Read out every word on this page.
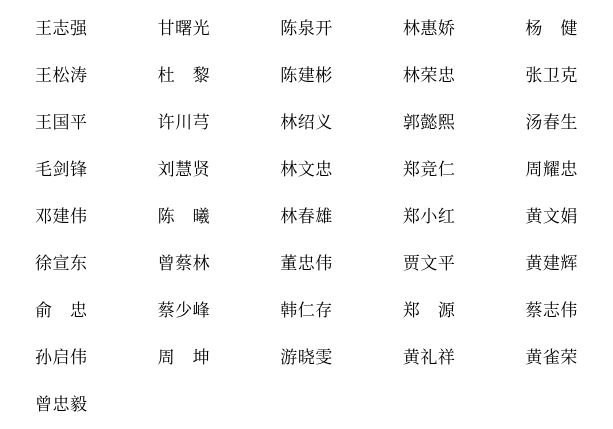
王志强	甘曙光	陈泉开	林惠娇	杨　健
王松涛	杜　黎	陈建彬	林荣忠	张卫克
王国平	许川芎	林绍义	郭懿熙	汤春生
毛剑锋	刘慧贤	林文忠	郑竞仁	周耀忠
邓建伟	陈　曦	林春雄	郑小红	黄文娟
徐宣东	曾蔡林	董忠伟	贾文平	黄建辉
俞　忠	蔡少峰	韩仁存	郑　源	蔡志伟
孙启伟	周　坤	游晓雯	黄礼祥	黄雀荣
曾忠毅
